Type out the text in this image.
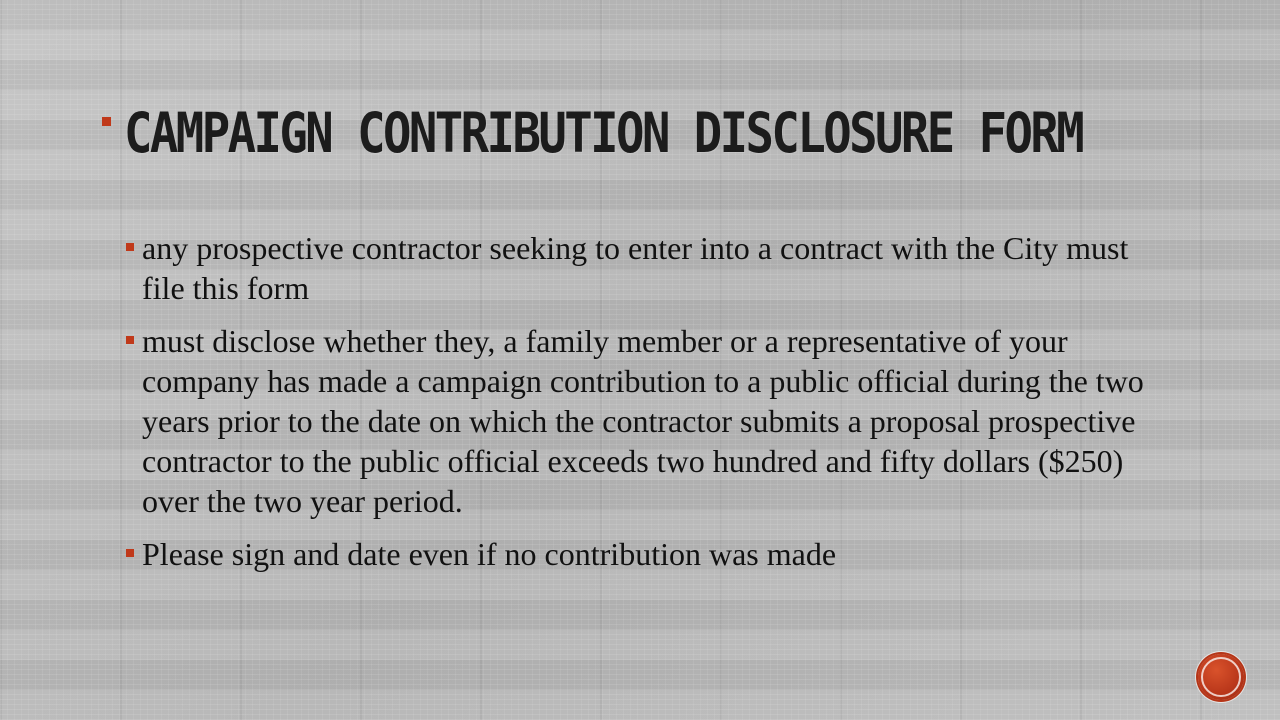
CAMPAIGN CONTRIBUTION DISCLOSURE FORM
any prospective contractor seeking to enter into a contract with the City must file this form
must disclose whether they, a family member or a representative of your company has made a campaign contribution to a public official during the two years prior to the date on which the contractor submits a proposal prospective contractor to the public official exceeds two hundred and fifty dollars ($250) over the two year period.
Please sign and date even if no contribution was made
